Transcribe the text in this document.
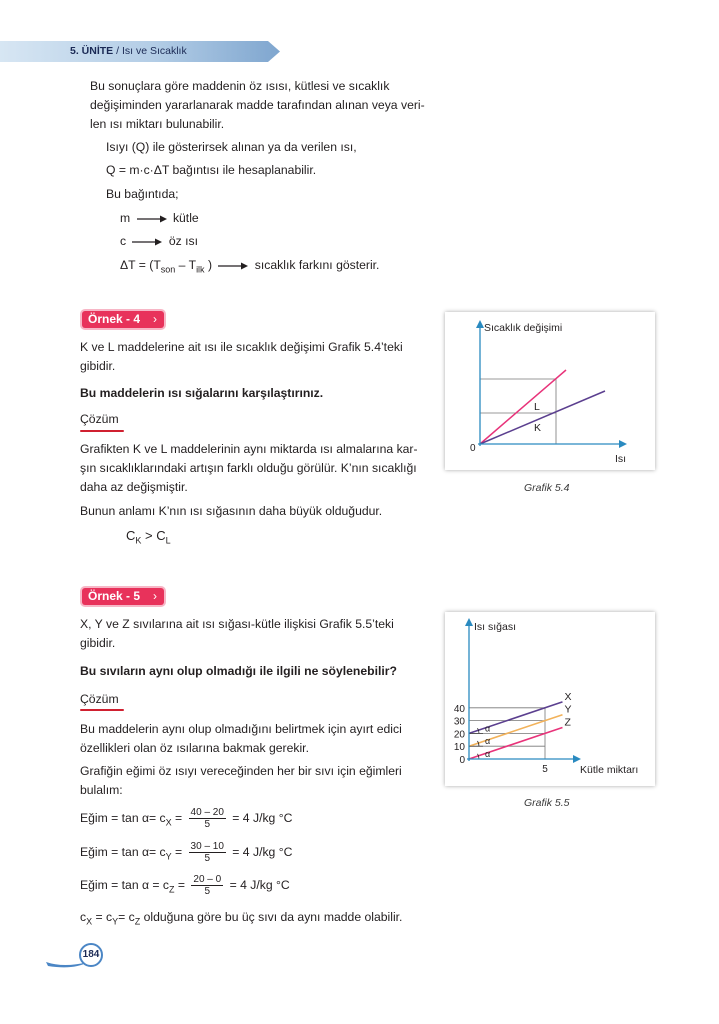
5. ÜNİTE / Isı ve Sıcaklık
Bu sonuçlara göre maddenin öz ısısı, kütlesi ve sıcaklık
değişiminden yararlanarak madde tarafından alınan veya veri-
len ısı miktarı bulunabilir.
Isıyı (Q) ile gösterirsek alınan ya da verilen ısı,
Q = m·c·ΔT bağıntısı ile hesaplanabilir.
Bu bağıntıda;
m	kütle
c	öz ısı
$\Delta T = (T_{son} - T_{ilk}$ )	sıcaklık farkını gösterir.
Örnek - 4 ›
K ve L maddelerine ait ısı ile sıcaklık değişimi Grafik 5.4’teki
gibidir.
Bu maddelerin ısı sığalarını karşılaştırınız.
Çözüm
Grafikten K ve L maddelerinin aynı miktarda ısı almalarına kar-
şın sıcaklıklarındaki artışın farklı olduğu görülür. K’nın sıcaklığı
daha az değişmiştir.
Bunun anlamı K’nın ısı sığasının daha büyük olduğudur.
$C_K > C_L$
Sıcaklık değişimi
Isı
0
L
K
Grafik 5.4
Örnek - 5 ›
X, Y ve Z sıvılarına ait ısı sığası-kütle ilişkisi Grafik 5.5’teki
gibidir.
Bu sıvıların aynı olup olmadığı ile ilgili ne söylenebilir?
Çözüm
Bu maddelerin aynı olup olmadığını belirtmek için ayırt edici
özellikleri olan öz ısılarına bakmak gerekir.
Grafiğin eğimi öz ısıyı vereceğinden her bir sıvı için eğimleri
bulalım:
Eğim = $\tan \alpha= c_X = \frac{40 - 20}{5} = 4$ J/kg °C
Eğim = $\tan \alpha= c_Y = \frac{30 - 10}{5} = 4$ J/kg °C
Eğim = $\tan \alpha = c_Z = \frac{20 - 0}{5} = 4$ J/kg °C
$c_X = c_Y= c_Z$ olduğuna göre bu üç sıvı da aynı madde olabilir.
X
α
Y
α
Z
α
0
10
20
30
40
5
Isı sığası
Kütle miktarı
Grafik 5.5
184
